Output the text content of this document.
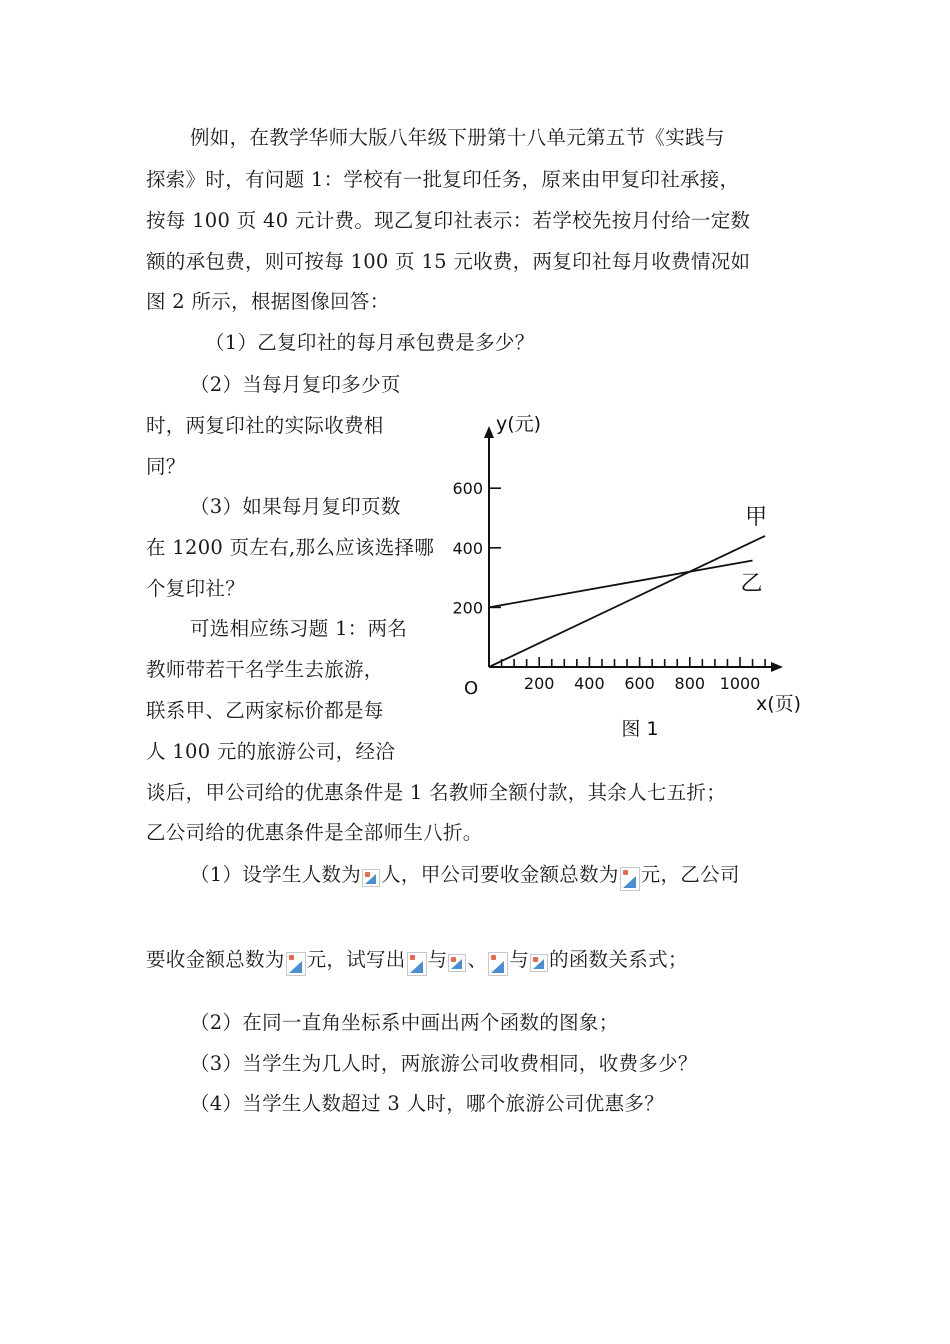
例如，在教学华师大版八年级下册第十八单元第五节《实践与
探索》时，有问题 1：学校有一批复印任务，原来由甲复印社承接，
按每 100 页 40 元计费。现乙复印社表示：若学校先按月付给一定数
额的承包费，则可按每 100 页 15 元收费，两复印社每月收费情况如
图 2 所示，根据图像回答：
（1）乙复印社的每月承包费是多少？
（2）当每月复印多少页
时，两复印社的实际收费相
同？
（3）如果每月复印页数
在 1200 页左右,那么应该选择哪
个复印社？
可选相应练习题 1：两名
教师带若干名学生去旅游，
联系甲、乙两家标价都是每
人 100 元的旅游公司，经洽
谈后，甲公司给的优惠条件是 1 名教师全额付款，其余人七五折；
乙公司给的优惠条件是全部师生八折。
（1）设学生人数为 人，甲公司要收金额总数为 元，乙公司
要收金额总数为 元，试写出 与 、 与 的函数关系式；
（2）在同一直角坐标系中画出两个函数的图象；
（3）当学生为几人时，两旅游公司收费相同，收费多少？
（4）当学生人数超过 3 人时，哪个旅游公司优惠多？
200 400 600 800 1000
200
400
600
y(元)
x(页)
O
图 1
甲
乙
